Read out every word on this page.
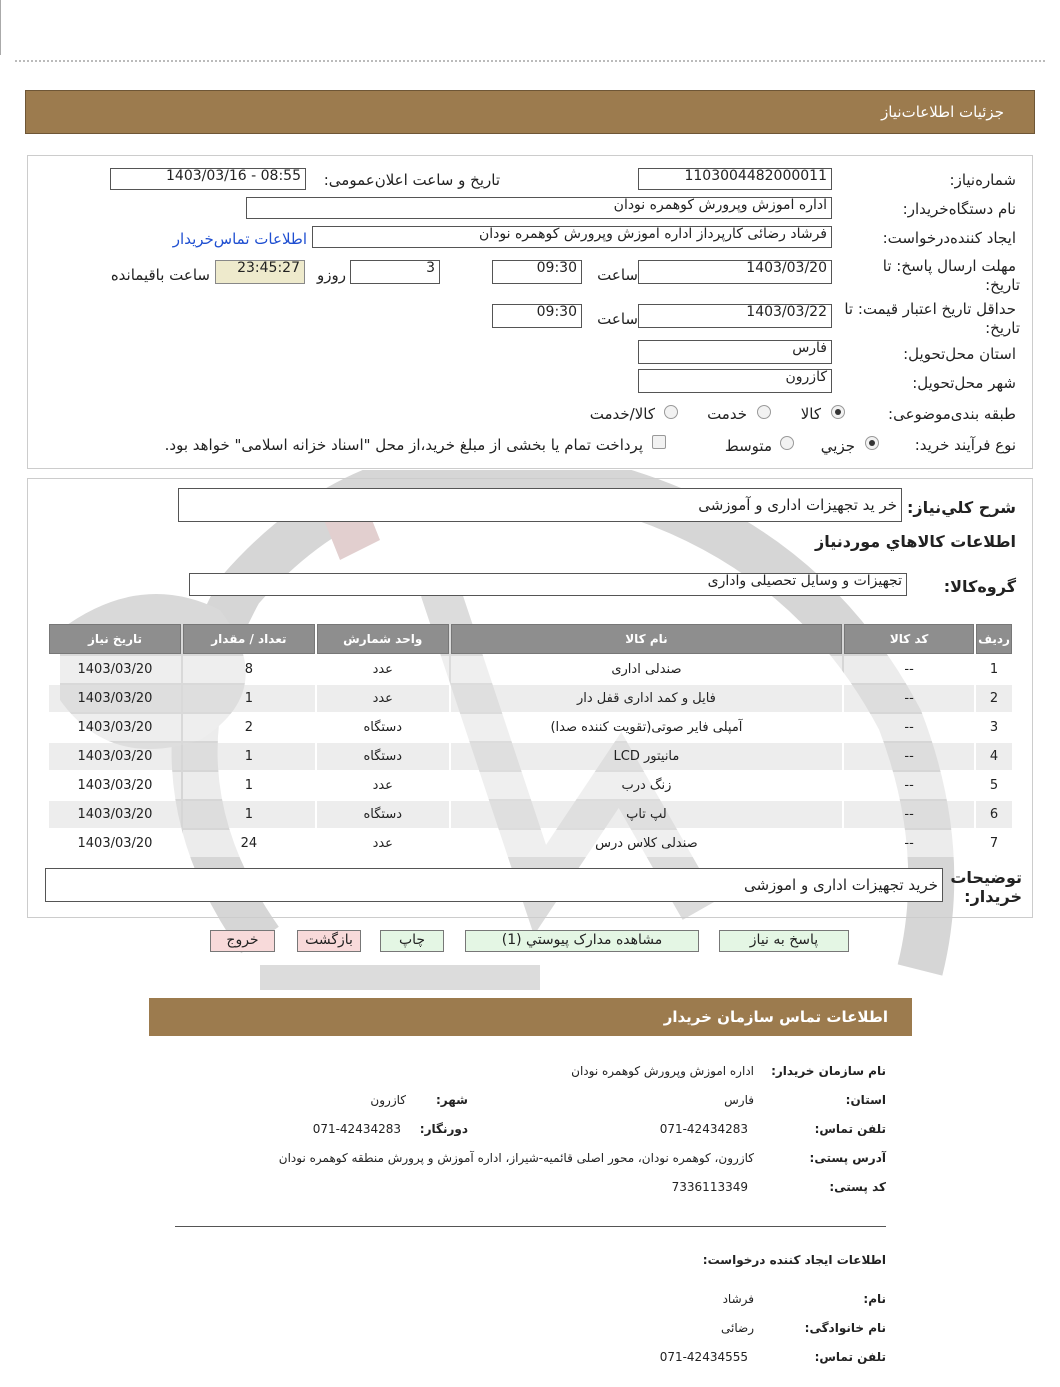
جزئیات اطلاعات‌نیاز
شماره‌نیاز:
1103004482000011
تاریخ و ساعت اعلان‌عمومی:
1403/03/16 - 08:55
نام دستگاه‌خریدار:
اداره اموزش وپرورش کوهمره نودان
ایجاد کننده‌درخواست:
فرشاد رضائی کارپرداز اداره اموزش وپرورش کوهمره نودان
اطلاعات تماس‌خریدار
مهلت ارسال پاسخ: تا
تاریخ:
1403/03/20
ساعت
09:30
3
روزو
23:45:27
ساعت باقیمانده
حداقل تاریخ اعتبار قیمت: تا
تاریخ:
1403/03/22
ساعت
09:30
استان محل‌تحویل:
فارس
شهر محل‌تحویل:
کازرون
طبقه بندی‌موضوعی:
کالا
خدمت
کالا/خدمت
نوع فرآیند خرید:
جزیي
متوسط
پرداخت تمام یا بخشی از مبلغ خرید،از محل "اسناد خزانه اسلامی" خواهد بود.
شرح کلي‌نیاز:
خر ید تجهیزات اداری و آموزشی
اطلاعات کالاهاي موردنیاز
گروه‌کالا:
تجهیزات و وسایل تحصیلی واداری
ردیف	کد کالا	نام کالا	واحد شمارش	تعداد / مقدار	تاریخ نیاز
1	--	صندلی اداری	عدد	8	1403/03/20
2	--	فایل و کمد اداری قفل دار	عدد	1	1403/03/20
3	--	آمپلی فایر صوتی(تقویت کننده صدا)	دستگاه	2	1403/03/20
4	--	مانیتور LCD	دستگاه	1	1403/03/20
5	--	زنگ درب	عدد	1	1403/03/20
6	--	لپ تاپ	دستگاه	1	1403/03/20
7	--	صندلی کلاس درس	عدد	24	1403/03/20
توضیحات
خریدار:
خرید تجهیزات اداری و اموزشی
پاسخ به نیاز
مشاهده مدارک پیوستي (1)
چاپ
بازگشت
خروج
اطلاعات تماس سازمان خریدار
نام سازمان خریدار:
اداره اموزش وپرورش کوهمره نودان
استان:
فارس
شهر:
کازرون
تلفن تماس:
071-42434283
دورنگار:
071-42434283
آدرس پستی:
کازرون، کوهمره نودان، محور اصلی قائمیه-شیراز، اداره آموزش و پرورش منطقه کوهمره نودان
کد پستی:
7336113349
اطلاعات ایجاد کننده درخواست:
نام:
فرشاد
نام خانوادگی:
رضائی
تلفن تماس:
071-42434555
